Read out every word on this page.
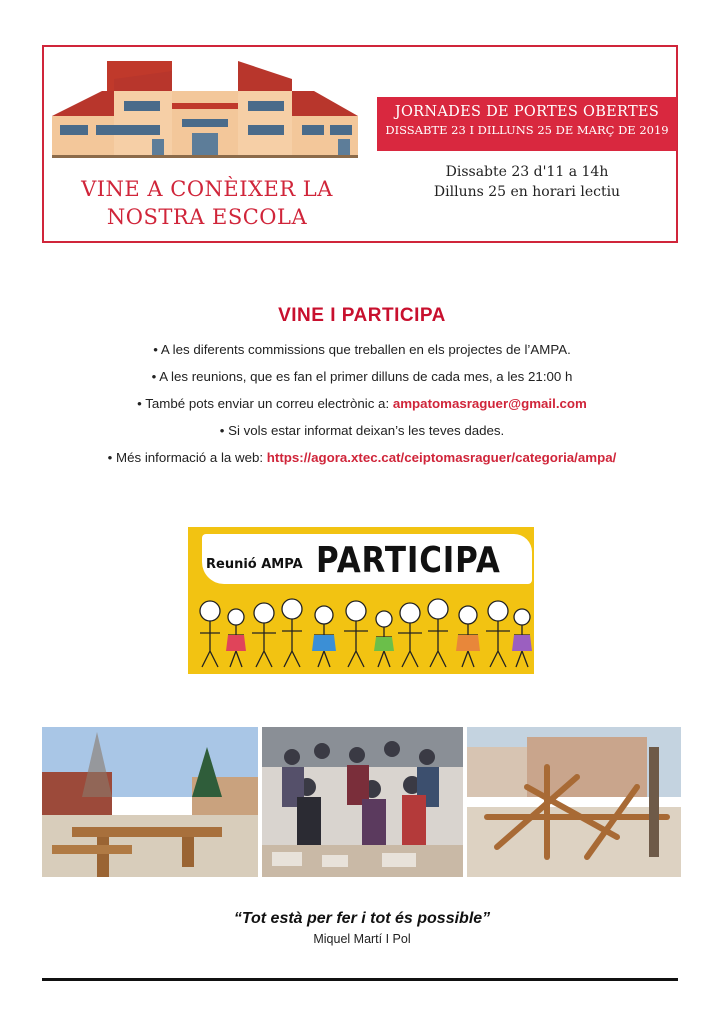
VINE A CONÈIXER LA
NOSTRA ESCOLA
JORNADES DE PORTES OBERTES
DISSABTE 23 I DILLUNS 25 DE MARÇ DE 2019
Dissabte 23 d'11 a 14h
Dilluns 25 en horari lectiu
VINE I PARTICIPA
• A les diferents commissions que treballen en els projectes de l’AMPA.
• A les reunions, que es fan el primer dilluns de cada mes, a les 21:00 h
• També pots enviar un correu electrònic a: ampatomasraguer@gmail.com
• Si vols estar informat deixan’s les teves dades.
• Més informació a la web: https://agora.xtec.cat/ceiptomasraguer/categoria/ampa/
Reunió AMPA PARTICIPA
“Tot està per fer i tot és possible”
Miquel Martí I Pol
